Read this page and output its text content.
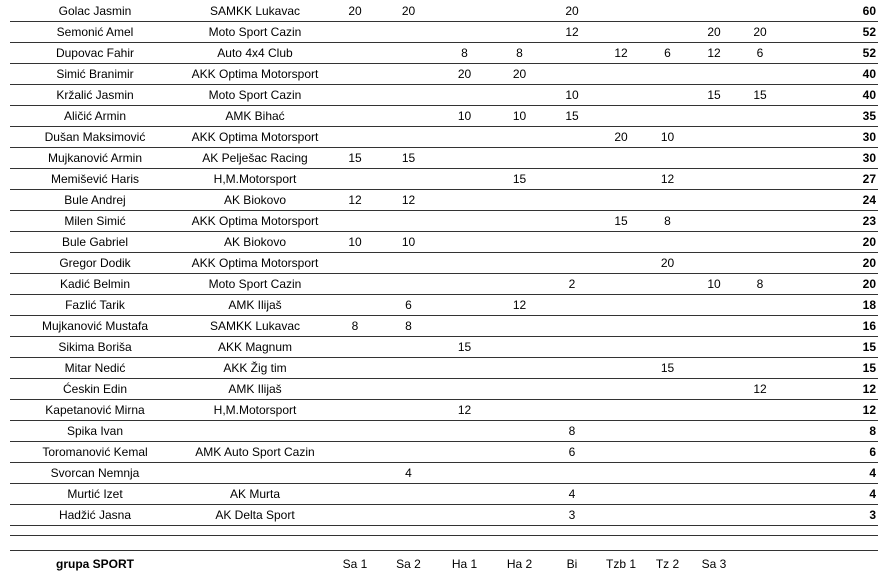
Golac Jasmin	SAMKK Lukavac	20	20			20						60
Semonić Amel	Moto Sport Cazin					12			20	20		52
Dupovac Fahir	Auto 4x4 Club			8	8		12	6	12	6		52
Simić Branimir	AKK Optima Motorsport			20	20							40
Kržalić Jasmin	Moto Sport Cazin					10			15	15		40
Aličić Armin	AMK Bihać			10	10	15						35
Dušan Maksimović	AKK Optima Motorsport						20	10				30
Mujkanović Armin	AK Pelješac Racing	15	15									30
Memišević Haris	H,M.Motorsport				15			12				27
Bule Andrej	AK Biokovo	12	12									24
Milen Simić	AKK Optima Motorsport						15	8				23
Bule Gabriel	AK Biokovo	10	10									20
Gregor Dodik	AKK Optima Motorsport							20				20
Kadić Belmin	Moto Sport Cazin					2			10	8		20
Fazlić Tarik	AMK Ilijaš		6		12							18
Mujkanović Mustafa	SAMKK Lukavac	8	8									16
Sikima Boriša	AKK Magnum			15								15
Mitar Nedić	AKK Žig tim							15				15
Ćeskin Edin	AMK Ilijaš									12		12
Kapetanović Mirna	H,M.Motorsport			12								12
Spika Ivan						8						8
Toromanović Kemal	AMK Auto Sport Cazin					6						6
Svorcan Nemnja			4									4
Murtić Izet	AK Murta					4						4
Hadžić Jasna	AK Delta Sport					3						3
grupa SPORT		Sa 1	Sa 2	Ha 1	Ha 2	Bi	Tzb 1	Tz 2	Sa 3			
